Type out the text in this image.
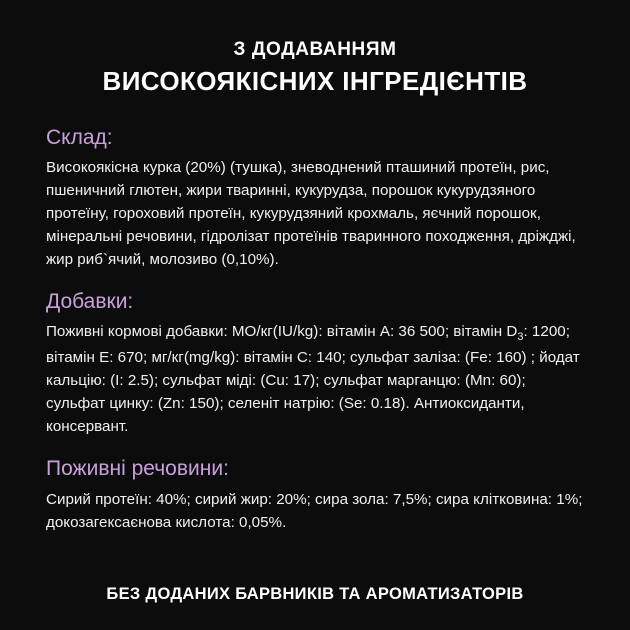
З ДОДАВАННЯМ
ВИСОКОЯКІСНИХ ІНГРЕДІЄНТІВ
Склад:
Високоякісна курка (20%) (тушка), зневоднений пташиний протеїн, рис, пшеничний глютен, жири тваринні, кукурудза, порошок кукурудзяного протеїну, гороховий протеїн, кукурудзяний крохмаль, яєчний порошок, мінеральні речовини, гідролізат протеїнів тваринного походження, дріжджі, жир риб`ячий, молозиво (0,10%).
Добавки:
Поживні кормові добавки: МО/кг(IU/kg): вітамін A: 36 500; вітамін $D_3$: 1200; вітамін E: 670; мг/кг(mg/kg): вітамін C: 140; сульфат заліза: (Fe: 160) ; йодат кальцію: (I: 2.5); сульфат міді: (Cu: 17); сульфат марганцю: (Mn: 60); сульфат цинку: (Zn: 150); селеніт натрію: (Se: 0.18). Антиоксиданти, консервант.
Поживні речовини:
Сирий протеїн: 40%; сирий жир: 20%; сира зола: 7,5%; сира клітковина: 1%; докозагексаєнова кислота: 0,05%.
БЕЗ ДОДАНИХ БАРВНИКІВ ТА АРОМАТИЗАТОРІВ
